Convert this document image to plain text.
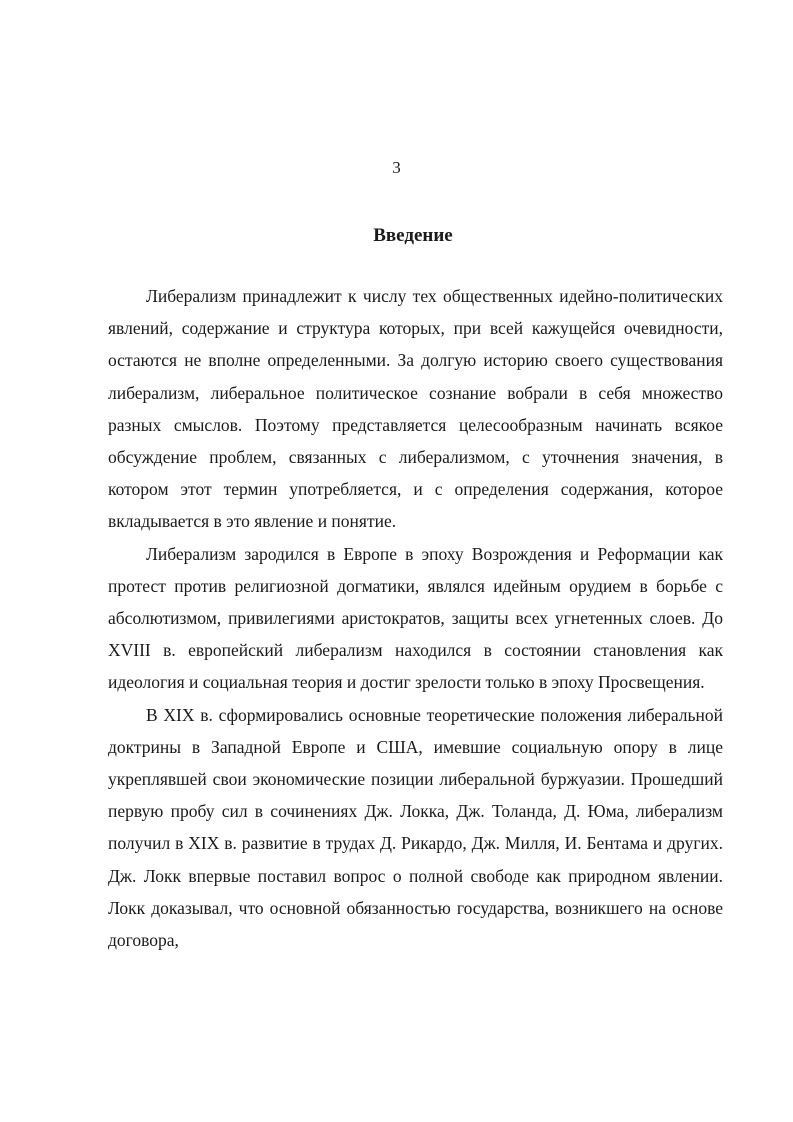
3
Введение

Либерализм принадлежит к числу тех общественных идейно-политических явлений, содержание и структура которых, при всей кажущейся очевидности, остаются не вполне определенными. За долгую историю своего существования либерализм, либеральное политическое сознание вобрали в себя множество разных смыслов. Поэтому представляется целесообразным начинать всякое обсуждение проблем, связанных с либерализмом, с уточнения значения, в котором этот термин употребляется, и с определения содержания, которое вкладывается в это явление и понятие.

Либерализм зародился в Европе в эпоху Возрождения и Реформации как протест против религиозной догматики, являлся идейным орудием в борьбе с абсолютизмом, привилегиями аристократов, защиты всех угнетенных слоев. До XVIII в. европейский либерализм находился в состоянии становления как идеология и социальная теория и достиг зрелости только в эпоху Просвещения.

В XIX в. сформировались основные теоретические положения либеральной доктрины в Западной Европе и США, имевшие социальную опору в лице укреплявшей свои экономические позиции либеральной буржуазии. Прошедший первую пробу сил в сочинениях Дж. Локка, Дж. Толанда, Д. Юма, либерализм получил в XIX в. развитие в трудах Д. Рикардо, Дж. Милля, И. Бентама и других. Дж. Локк впервые поставил вопрос о полной свободе как природном явлении. Локк доказывал, что основной обязанностью государства, возникшего на основе договора,
